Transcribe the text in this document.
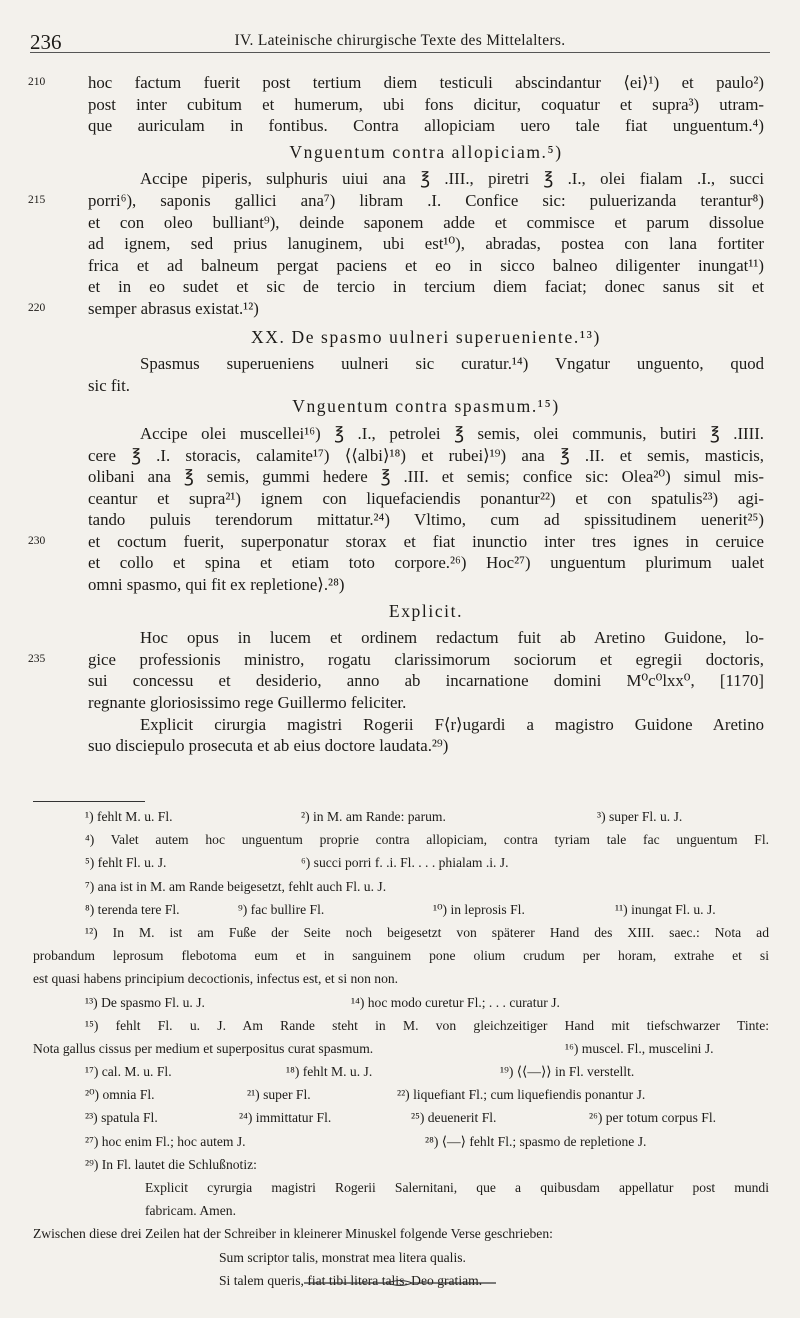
236	IV. Lateinische chirurgische Texte des Mittelalters.
210	hoc factum fuerit post tertium diem testiculi abscindantur ⟨ei⟩¹) et paulo²)
post inter cubitum et humerum, ubi fons dicitur, coquatur et supra³) utram-
que auriculam in fontibus. Contra allopiciam uero tale fiat unguentum.⁴)
Vnguentum contra allopiciam.⁵)
Accipe piperis, sulphuris uiui ana ℥ .III., piretri ℥ .I., olei fialam .I., succi
215	porri⁶), saponis gallici ana⁷) libram .I. Confice sic: puluerizanda terantur⁸)
et con oleo bulliant⁹), deinde saponem adde et commisce et parum dissolue
ad ignem, sed prius lanuginem, ubi est¹⁰), abradas, postea con lana fortiter
frica et ad balneum pergat paciens et eo in sicco balneo diligenter inungat¹¹)
et in eo sudet et sic de tercio in tercium diem faciat; donec sanus sit et
220	semper abrasus existat.¹²)
XX. De spasmo uulneri superueniente.¹³)
Spasmus superueniens uulneri sic curatur.¹⁴) Vngatur unguento, quod
sic fit.
Vnguentum contra spasmum.¹⁵)
Accipe olei muscellei¹⁶) ℥ .I., petrolei ℥ semis, olei communis, butiri ℥ .IIII.
cere ℥ .I. storacis, calamite¹⁷) ⟨⟨albi⟩¹⁸) et rubei⟩¹⁹) ana ℥ .II. et semis, masticis,
olibani ana ℥ semis, gummi hedere ℥ .III. et semis; confice sic: Olea²⁰) simul mis-
ceantur et supra²¹) ignem con liquefaciendis ponantur²²) et con spatulis²³) agi-
tando puluis terendorum mittatur.²⁴) Vltimo, cum ad spissitudinem uenerit²⁵)
230	et coctum fuerit, superponatur storax et fiat inunctio inter tres ignes in ceruice
et collo et spina et etiam toto corpore.²⁶) Hoc²⁷) unguentum plurimum ualet
omni spasmo, qui fit ex repletione⟩.²⁸)
Explicit.
Hoc opus in lucem et ordinem redactum fuit ab Aretino Guidone, lo-
235	gice professionis ministro, rogatu clarissimorum sociorum et egregii doctoris,
sui concessu et desiderio, anno ab incarnatione domini M⁰c⁰lxx⁰, [1170]
regnante gloriosissimo rege Guillermo feliciter.
Explicit cirurgia magistri Rogerii F⟨r⟩ugardi a magistro Guidone Aretino
suo disciepulo prosecuta et ab eius doctore laudata.²⁹)
¹) fehlt M. u. Fl.	²) in M. am Rande: parum.	³) super Fl. u. J.
⁴) Valet autem hoc unguentum proprie contra allopiciam, contra tyriam tale fac unguentum Fl.
⁵) fehlt Fl. u. J.	⁶) succi porri f. .i. Fl. . . . phialam .i. J.
⁷) ana ist in M. am Rande beigesetzt, fehlt auch Fl. u. J.
⁸) terenda tere Fl.	⁹) fac bullire Fl.	¹⁰) in leprosis Fl.	¹¹) inungat Fl. u. J.
¹²) In M. ist am Fuße der Seite noch beigesetzt von späterer Hand des XIII. saec.: Nota ad
probandum leprosum flebotoma eum et in sanguinem pone olium crudum per horam, extrahe et si
est quasi habens principium decoctionis, infectus est, et si non non.
¹³) De spasmo Fl. u. J.	¹⁴) hoc modo curetur Fl.; . . . curatur J.
¹⁵) fehlt Fl. u. J. Am Rande steht in M. von gleichzeitiger Hand mit tiefschwarzer Tinte:
Nota gallus cissus per medium et superpositus curat spasmum.	¹⁶) muscel. Fl., muscelini J.
¹⁷) cal. M. u. Fl.	¹⁸) fehlt M. u. J.	¹⁹) ⟨⟨—⟩⟩ in Fl. verstellt.
²⁰) omnia Fl.	²¹) super Fl.	²²) liquefiant Fl.; cum liquefiendis ponantur J.
²³) spatula Fl.	²⁴) immittatur Fl.	²⁵) deuenerit Fl.	²⁶) per totum corpus Fl.
²⁷) hoc enim Fl.; hoc autem J.	²⁸) ⟨—⟩ fehlt Fl.; spasmo de repletione J.
²⁹) In Fl. lautet die Schlußnotiz:
Explicit cyrurgia magistri Rogerii Salernitani, que a quibusdam appellatur post mundi
fabricam. Amen.
Zwischen diese drei Zeilen hat der Schreiber in kleinerer Minuskel folgende Verse geschrieben:
Sum scriptor talis, monstrat mea litera qualis.
Si talem queris, fiat tibi litera talis. Deo gratiam.
